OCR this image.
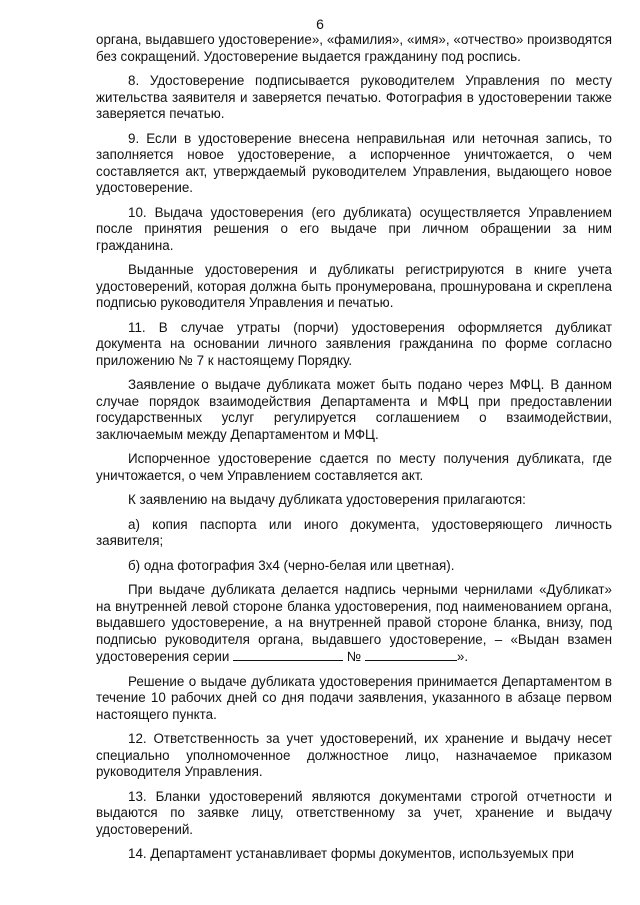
6

органа, выдавшего удостоверение», «фамилия», «имя», «отчество» производятся без сокращений. Удостоверение выдается гражданину под роспись.

8. Удостоверение подписывается руководителем Управления по месту жительства заявителя и заверяется печатью. Фотография в удостоверении также заверяется печатью.

9. Если в удостоверение внесена неправильная или неточная запись, то заполняется новое удостоверение, а испорченное уничтожается, о чем составляется акт, утверждаемый руководителем Управления, выдающего новое удостоверение.

10. Выдача удостоверения (его дубликата) осуществляется Управлением после принятия решения о его выдаче при личном обращении за ним гражданина.

Выданные удостоверения и дубликаты регистрируются в книге учета удостоверений, которая должна быть пронумерована, прошнурована и скреплена подписью руководителя Управления и печатью.

11. В случае утраты (порчи) удостоверения оформляется дубликат документа на основании личного заявления гражданина по форме согласно приложению № 7 к настоящему Порядку.

Заявление о выдаче дубликата может быть подано через МФЦ. В данном случае порядок взаимодействия Департамента и МФЦ при предоставлении государственных услуг регулируется соглашением о взаимодействии, заключаемым между Департаментом и МФЦ.

Испорченное удостоверение сдается по месту получения дубликата, где уничтожается, о чем Управлением составляется акт.

К заявлению на выдачу дубликата удостоверения прилагаются:

а) копия паспорта или иного документа, удостоверяющего личность заявителя;

б) одна фотография 3х4 (черно-белая или цветная).

При выдаче дубликата делается надпись черными чернилами «Дубликат» на внутренней левой стороне бланка удостоверения, под наименованием органа, выдавшего удостоверение, а на внутренней правой стороне бланка, внизу, под подписью руководителя органа, выдавшего удостоверение, – «Выдан взамен удостоверения серии	№	».

Решение о выдаче дубликата удостоверения принимается Департаментом в течение 10 рабочих дней со дня подачи заявления, указанного в абзаце первом настоящего пункта.

12. Ответственность за учет удостоверений, их хранение и выдачу несет специально уполномоченное должностное лицо, назначаемое приказом руководителя Управления.

13. Бланки удостоверений являются документами строгой отчетности и выдаются по заявке лицу, ответственному за учет, хранение и выдачу удостоверений.

14. Департамент устанавливает формы документов, используемых при
